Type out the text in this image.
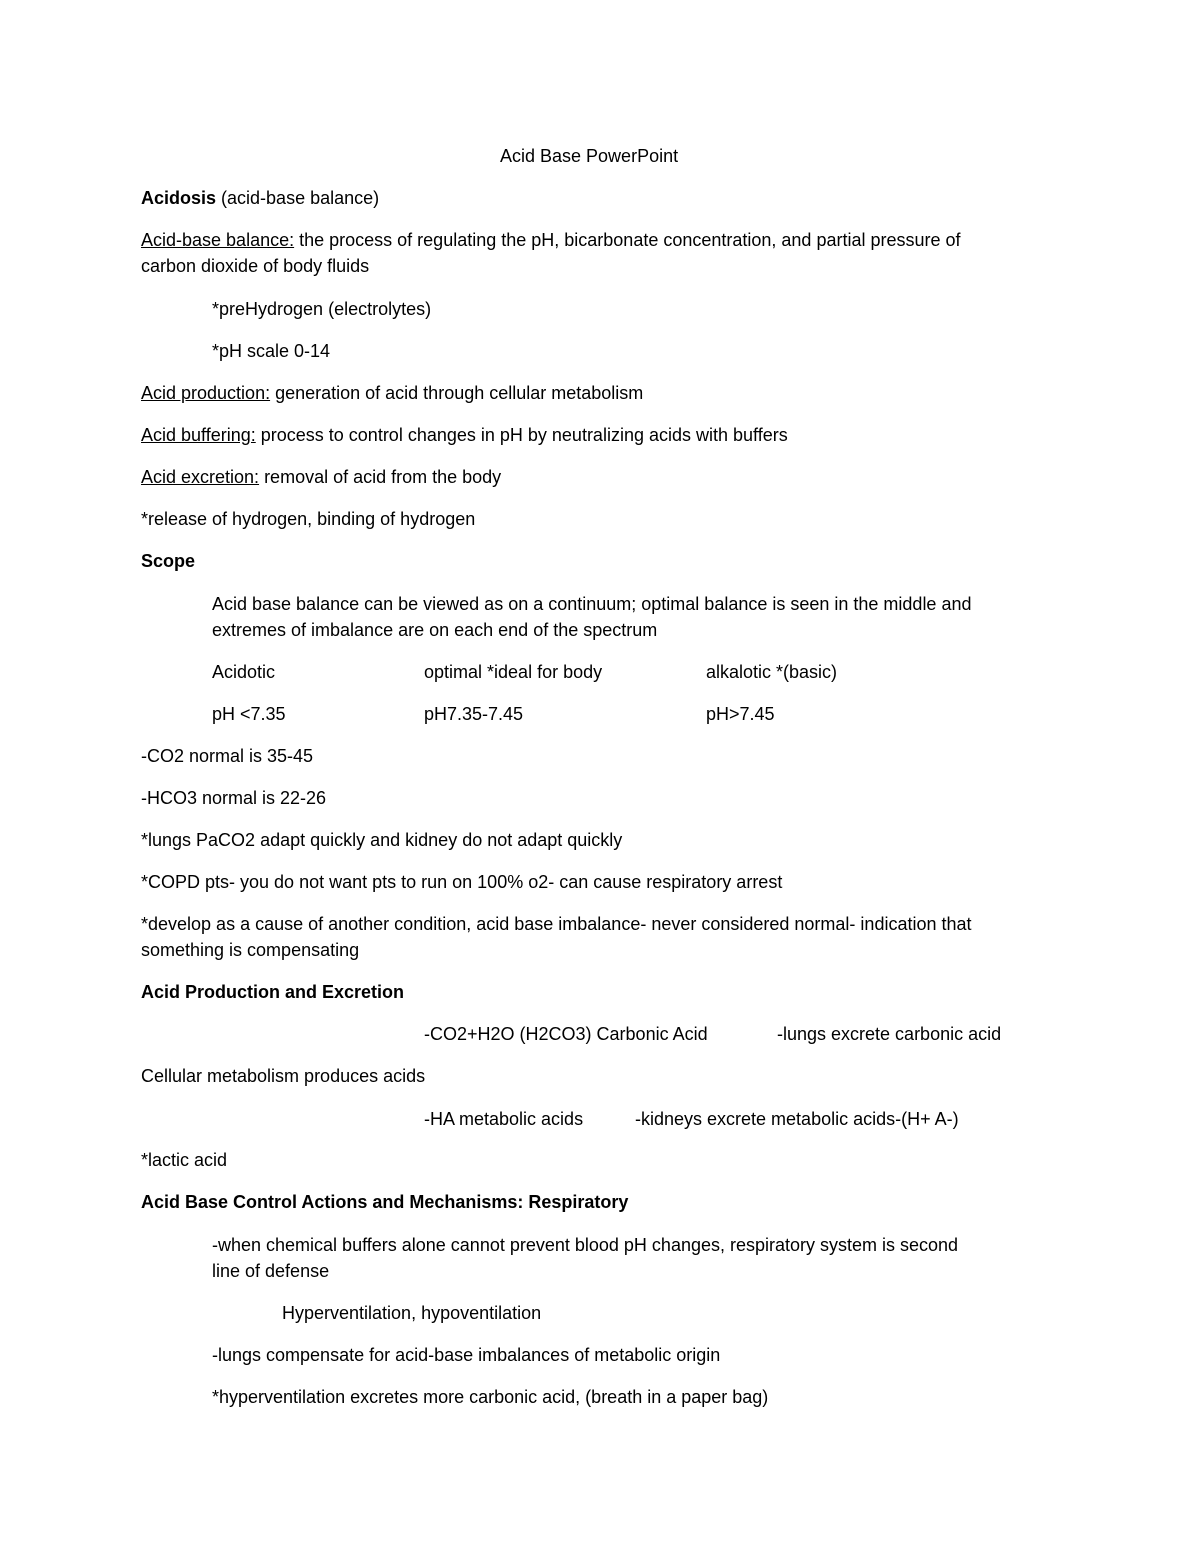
Acid Base PowerPoint
Acidosis (acid-base balance)
Acid-base balance: the process of regulating the pH, bicarbonate concentration, and partial pressure of
carbon dioxide of body fluids
*preHydrogen (electrolytes)
*pH scale 0-14
Acid production: generation of acid through cellular metabolism
Acid buffering: process to control changes in pH by neutralizing acids with buffers
Acid excretion: removal of acid from the body
*release of hydrogen, binding of hydrogen
Scope
Acid base balance can be viewed as on a continuum; optimal balance is seen in the middle and
extremes of imbalance are on each end of the spectrum
Acidotic	optimal *ideal for body	alkalotic *(basic)
pH <7.35	pH7.35-7.45	pH>7.45
-CO2 normal is 35-45
-HCO3 normal is 22-26
*lungs PaCO2 adapt quickly and kidney do not adapt quickly
*COPD pts- you do not want pts to run on 100% o2- can cause respiratory arrest
*develop as a cause of another condition, acid base imbalance- never considered normal- indication that
something is compensating
Acid Production and Excretion
-CO2+H2O (H2CO3) Carbonic Acid	-lungs excrete carbonic acid
Cellular metabolism produces acids
-HA metabolic acids	-kidneys excrete metabolic acids-(H+ A-)
*lactic acid
Acid Base Control Actions and Mechanisms: Respiratory
-when chemical buffers alone cannot prevent blood pH changes, respiratory system is second
line of defense
Hyperventilation, hypoventilation
-lungs compensate for acid-base imbalances of metabolic origin
*hyperventilation excretes more carbonic acid, (breath in a paper bag)
